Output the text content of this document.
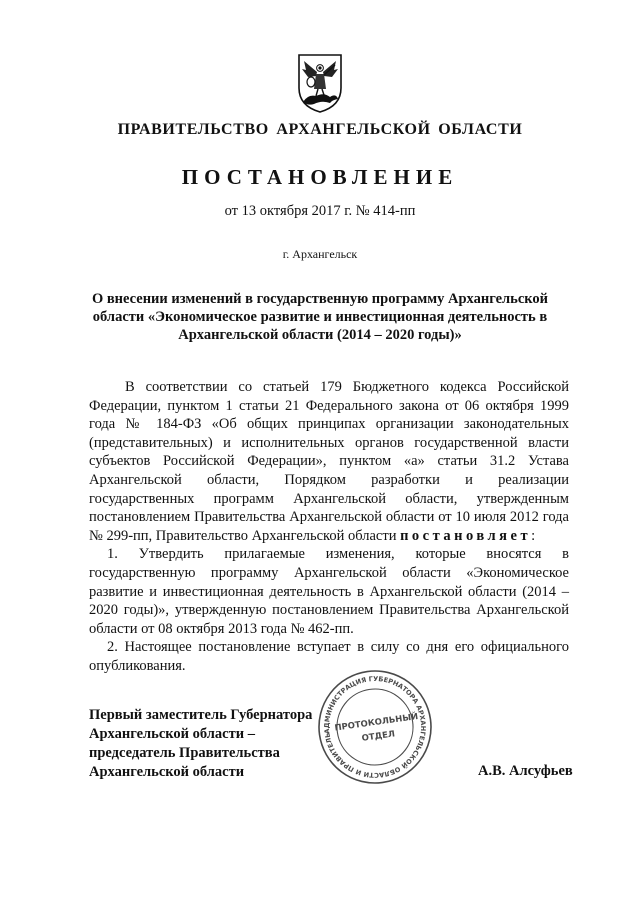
ПРАВИТЕЛЬСТВО АРХАНГЕЛЬСКОЙ ОБЛАСТИ
ПОСТАНОВЛЕНИЕ
от 13 октября 2017 г. № 414-пп
г. Архангельск
О внесении изменений в государственную программу Архангельской области «Экономическое развитие и инвестиционная деятельность в Архангельской области (2014 – 2020 годы)»

В соответствии со статьей 179 Бюджетного кодекса Российской Федерации, пунктом 1 статьи 21 Федерального закона от 06 октября 1999 года № 184-ФЗ «Об общих принципах организации законодательных (представительных) и исполнительных органов государственной власти субъектов Российской Федерации», пунктом «а» статьи 31.2 Устава Архангельской области, Порядком разработки и реализации государственных программ Архангельской области, утвержденным постановлением Правительства Архангельской области от 10 июля 2012 года № 299-пп, Правительство Архангельской области постановляет:

1. Утвердить прилагаемые изменения, которые вносятся в государственную программу Архангельской области «Экономическое развитие и инвестиционная деятельность в Архангельской области (2014 – 2020 годы)», утвержденную постановлением Правительства Архангельской области от 08 октября 2013 года № 462-пп.

2. Настоящее постановление вступает в силу со дня его официального опубликования.

Первый заместитель Губернатора
Архангельской области –
председатель Правительства
Архангельской области
АДМИНИСТРАЦИЯ ГУБЕРНАТОРА АРХАНГЕЛЬСКОЙ ОБЛАСТИ И ПРАВИТЕЛЬСТВА
ПРОТОКОЛЬНЫЙ
ОТДЕЛ
А.В. Алсуфьев
